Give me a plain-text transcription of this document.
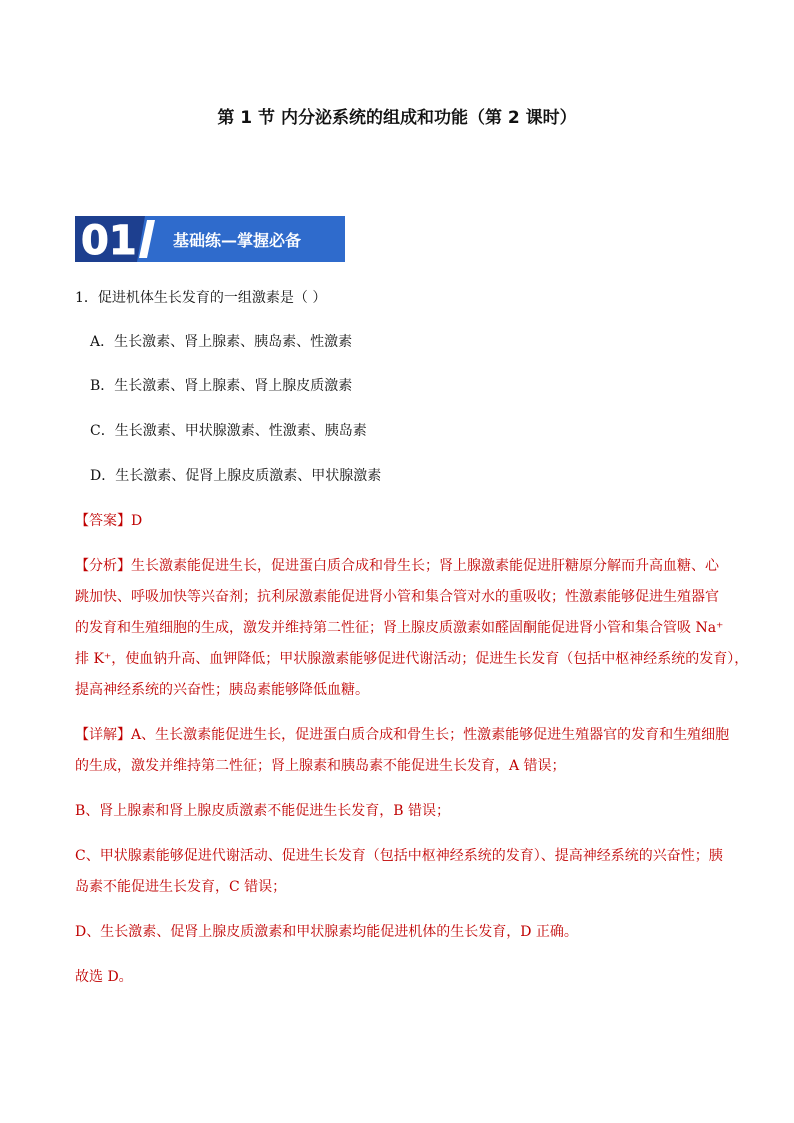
第 1 节 内分泌系统的组成和功能（第 2 课时）
01 基础练—掌握必备
1．促进机体生长发育的一组激素是（ ）
A．生长激素、肾上腺素、胰岛素、性激素
B．生长激素、肾上腺素、肾上腺皮质激素
C．生长激素、甲状腺激素、性激素、胰岛素
D．生长激素、促肾上腺皮质激素、甲状腺激素
【答案】D
【分析】生长激素能促进生长，促进蛋白质合成和骨生长；肾上腺激素能促进肝糖原分解而升高血糖、心
跳加快、呼吸加快等兴奋剂；抗利尿激素能促进肾小管和集合管对水的重吸收；性激素能够促进生殖器官
的发育和生殖细胞的生成，激发并维持第二性征；肾上腺皮质激素如醛固酮能促进肾小管和集合管吸 Na⁺
排 K⁺，使血钠升高、血钾降低；甲状腺激素能够促进代谢活动；促进生长发育（包括中枢神经系统的发育），
提高神经系统的兴奋性；胰岛素能够降低血糖。
【详解】A、生长激素能促进生长，促进蛋白质合成和骨生长；性激素能够促进生殖器官的发育和生殖细胞
的生成，激发并维持第二性征；肾上腺素和胰岛素不能促进生长发育，A 错误；
B、肾上腺素和肾上腺皮质激素不能促进生长发育，B 错误；
C、甲状腺素能够促进代谢活动、促进生长发育（包括中枢神经系统的发育）、提高神经系统的兴奋性；胰
岛素不能促进生长发育，C 错误；
D、生长激素、促肾上腺皮质激素和甲状腺素均能促进机体的生长发育，D 正确。
故选 D。
